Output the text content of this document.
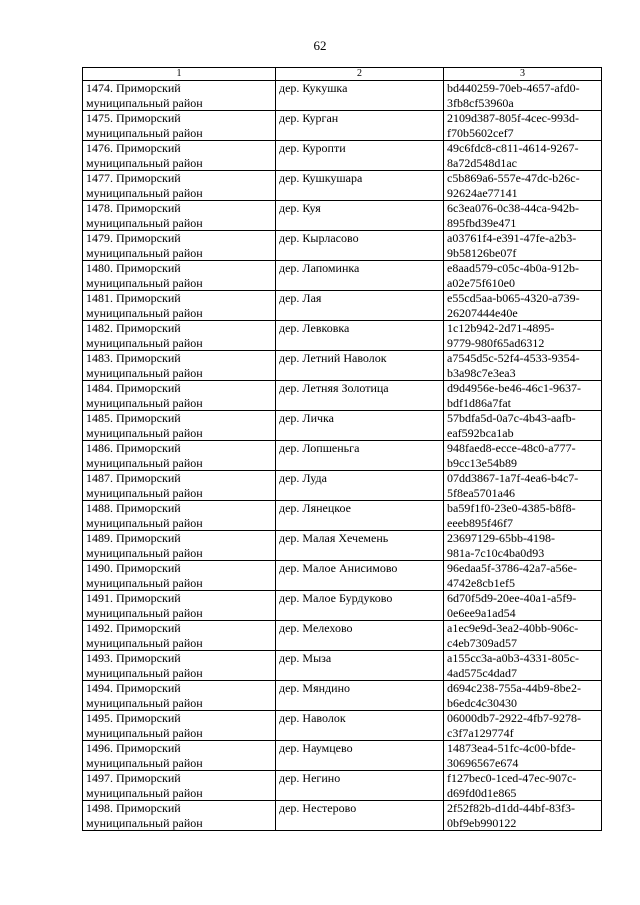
62
1	2	3

1474. Приморский
муниципальный район	дер. Кукушка	bd440259-70eb-4657-afd0-
3fb8cf53960a

1475. Приморский
муниципальный район	дер. Курган	2109d387-805f-4cec-993d-
f70b5602cef7

1476. Приморский
муниципальный район	дер. Куропти	49c6fdc8-c811-4614-9267-
8a72d548d1ac

1477. Приморский
муниципальный район	дер. Кушкушара	c5b869a6-557e-47dc-b26c-
92624ae77141

1478. Приморский
муниципальный район	дер. Куя	6c3ea076-0c38-44ca-942b-
895fbd39e471

1479. Приморский
муниципальный район	дер. Кырласово	a03761f4-e391-47fe-a2b3-
9b58126be07f

1480. Приморский
муниципальный район	дер. Лапоминка	e8aad579-c05c-4b0a-912b-
a02e75f610e0

1481. Приморский
муниципальный район	дер. Лая	e55cd5aa-b065-4320-a739-
26207444e40e

1482. Приморский
муниципальный район	дер. Левковка	1c12b942-2d71-4895-
9779-980f65ad6312

1483. Приморский
муниципальный район	дер. Летний Наволок	a7545d5c-52f4-4533-9354-
b3a98c7e3ea3

1484. Приморский
муниципальный район	дер. Летняя Золотица	d9d4956e-be46-46c1-9637-
bdf1d86a7fat

1485. Приморский
муниципальный район	дер. Личка	57bdfa5d-0a7c-4b43-aafb-
eaf592bca1ab

1486. Приморский
муниципальный район	дер. Лопшеньга	948faed8-ecce-48c0-a777-
b9cc13e54b89

1487. Приморский
муниципальный район	дер. Луда	07dd3867-1a7f-4ea6-b4c7-
5f8ea5701a46

1488. Приморский
муниципальный район	дер. Лянецкое	ba59f1f0-23e0-4385-b8f8-
eeeb895f46f7

1489. Приморский
муниципальный район	дер. Малая Хечемень	23697129-65bb-4198-
981a-7c10c4ba0d93

1490. Приморский
муниципальный район	дер. Малое Анисимово	96edaa5f-3786-42a7-a56e-
4742e8cb1ef5

1491. Приморский
муниципальный район	дер. Малое Бурдуково	6d70f5d9-20ee-40a1-a5f9-
0e6ee9a1ad54

1492. Приморский
муниципальный район	дер. Мелехово	a1ec9e9d-3ea2-40bb-906c-
c4eb7309ad57

1493. Приморский
муниципальный район	дер. Мыза	a155cc3a-a0b3-4331-805c-
4ad575c4dad7

1494. Приморский
муниципальный район	дер. Мяндино	d694c238-755a-44b9-8be2-
b6edc4c30430

1495. Приморский
муниципальный район	дер. Наволок	06000db7-2922-4fb7-9278-
c3f7a129774f

1496. Приморский
муниципальный район	дер. Наумцево	14873ea4-51fc-4c00-bfde-
30696567e674

1497. Приморский
муниципальный район	дер. Негино	f127bec0-1ced-47ec-907c-
d69fd0d1e865

1498. Приморский
муниципальный район	дер. Нестерово	2f52f82b-d1dd-44bf-83f3-
0bf9eb990122
